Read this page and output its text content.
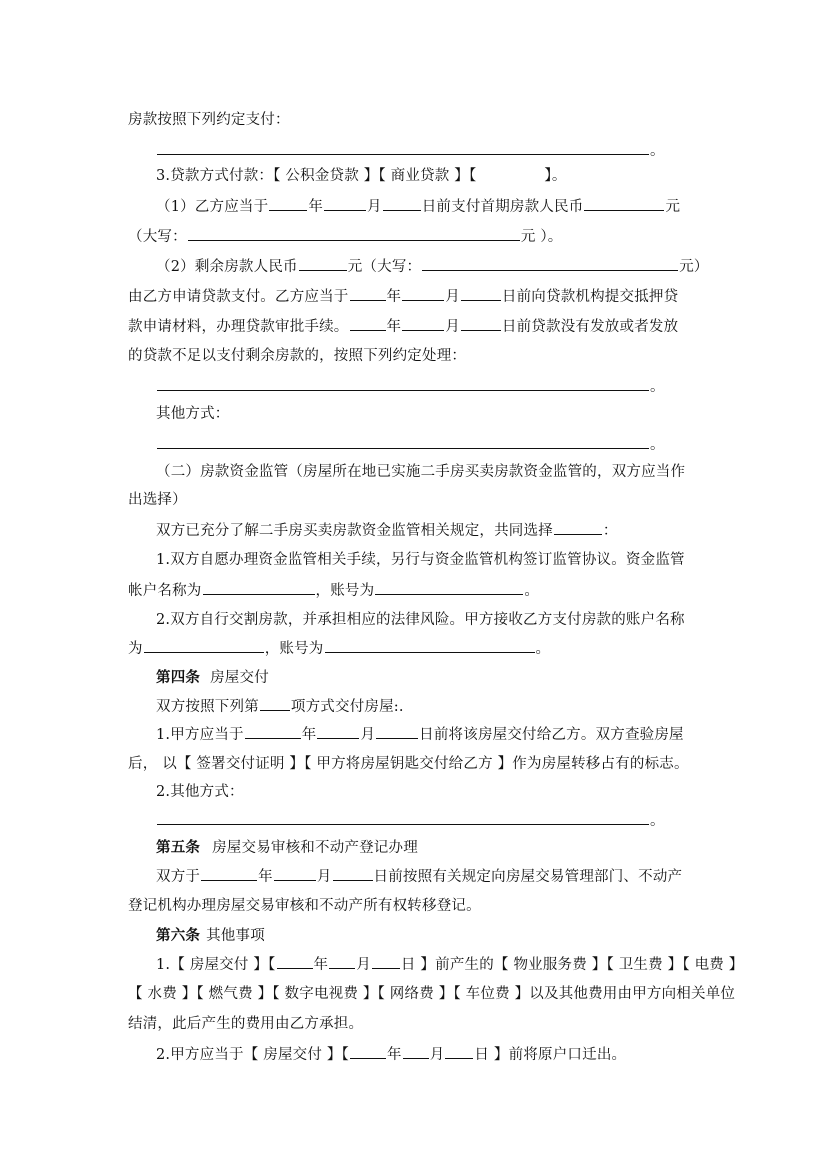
房款按照下列约定支付：
。
3.贷款方式付款：【 公积金贷款 】【 商业贷款 】【	】。
（1）乙方应当于	年	月	日前支付首期房款人民币	元
（大写：	元 ）。
（2）剩余房款人民币	元（大写：	元）
由乙方申请贷款支付。乙方应当于	年	月	日前向贷款机构提交抵押贷
款申请材料，办理贷款审批手续。	年	月	日前贷款没有发放或者发放
的贷款不足以支付剩余房款的，按照下列约定处理：
。
其他方式：
。
（二）房款资金监管（房屋所在地已实施二手房买卖房款资金监管的，双方应当作
出选择）
双方已充分了解二手房买卖房款资金监管相关规定，共同选择	：
1.双方自愿办理资金监管相关手续，另行与资金监管机构签订监管协议。资金监管
帐户名称为	，账号为	。
2.双方自行交割房款，并承担相应的法律风险。甲方接收乙方支付房款的账户名称
为	，账号为	。
第四条 房屋交付
双方按照下列第 项方式交付房屋:.
1.甲方应当于	年	月	日前将该房屋交付给乙方。双方查验房屋
后， 以【 签署交付证明 】【 甲方将房屋钥匙交付给乙方 】作为房屋转移占有的标志。
2.其他方式：
。
第五条 房屋交易审核和不动产登记办理
双方于	年	月	日前按照有关规定向房屋交易管理部门、不动产
登记机构办理房屋交易审核和不动产所有权转移登记。
第六条 其他事项
1.【 房屋交付 】【	年 月 日 】前产生的【 物业服务费 】【 卫生费 】【 电费 】
【 水费 】【 燃气费 】【 数字电视费 】【 网络费 】【 车位费 】以及其他费用由甲方向相关单位
结清，此后产生的费用由乙方承担。
2.甲方应当于【 房屋交付 】【	年 月 日 】前将原户口迁出。
